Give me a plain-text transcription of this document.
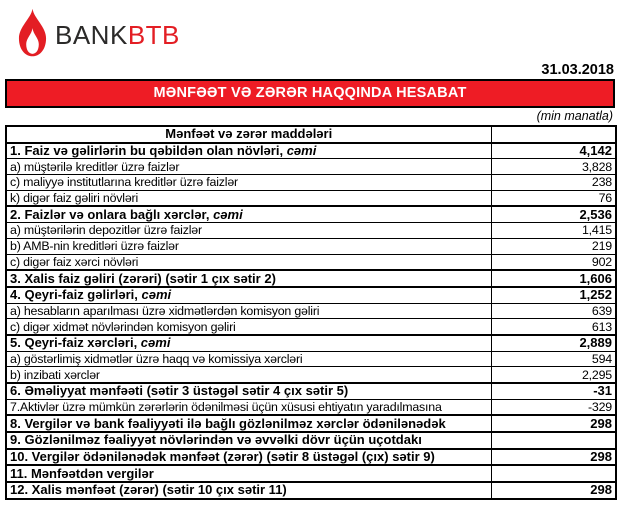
BANKBTB
31.03.2018
MƏNFƏƏT VƏ ZƏRƏR HAQQINDA HESABAT
(min manatla)
Mənfəət və zərər maddələri	
1. Faiz və gəlirlərin bu qəbildən olan növləri, cəmi	4,142
a) müştərilə kreditlər üzrə faizlər	3,828
c) maliyyə institutlarına kreditlər üzrə faizlər	238
k) digər faiz gəliri növləri	76
2. Faizlər və onlara bağlı xərclər, cəmi	2,536
a) müştərilərin depozitlər üzrə faizlər	1,415
b) AMB-nin kreditləri üzrə faizlər	219
c) digər faiz xərci növləri	902
3. Xalis faiz gəliri (zərəri) (sətir 1 çıx sətir 2)	1,606
4. Qeyri-faiz gəlirləri, cəmi	1,252
a) hesabların aparılması üzrə xidmətlərdən komisyon gəliri	639
c) digər xidmət növlərindən komisyon gəliri	613
5. Qeyri-faiz xərcləri, cəmi	2,889
a) göstərlimiş xidmətlər üzrə haqq və komissiya xərcləri	594
b) inzibati xərclər	2,295
6. Əməliyyat mənfəəti (sətir 3 üstəgəl sətir 4 çıx sətir 5)	-31
7.Aktivlər üzrə mümkün zərərlərin ödənilməsi üçün xüsusi ehtiyatın yaradılmasına	-329
8. Vergilər və bank fəaliyyəti ilə bağlı gözlənilməz xərclər ödənilənədək	298
9. Gözlənilməz fəaliyyət növlərindən və əvvəlki dövr üçün uçotdakı	
10. Vergilər ödənilənədək mənfəət (zərər) (sətir 8 üstəgəl (çıx) sətir 9)	298
11. Mənfəətdən vergilər	
12. Xalis mənfəət (zərər) (sətir 10 çıx sətir 11)	298
